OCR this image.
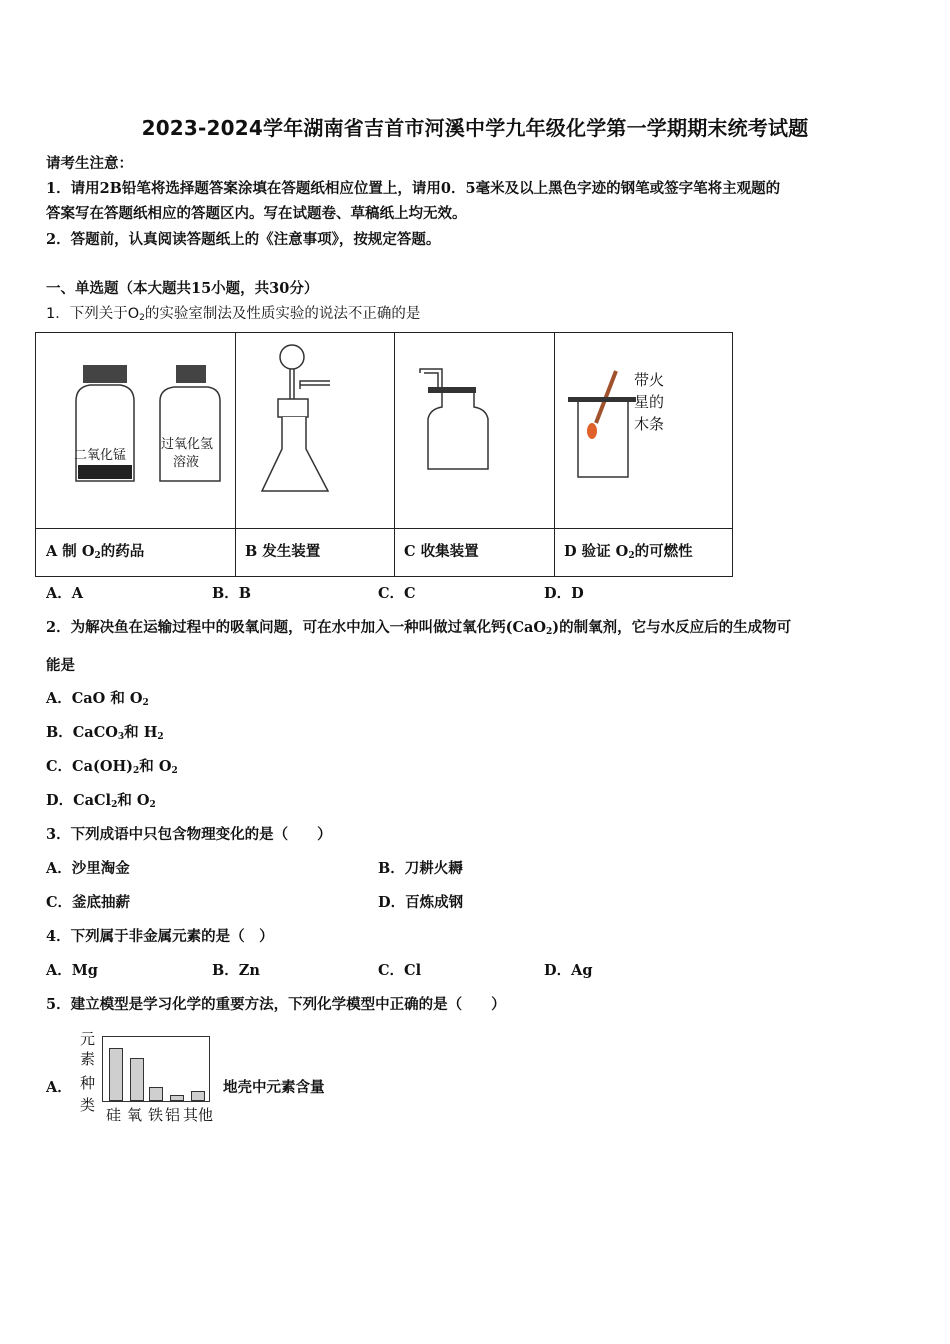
2023-2024学年湖南省吉首市河溪中学九年级化学第一学期期末统考试题
请考生注意：
1．请用2B铅笔将选择题答案涂填在答题纸相应位置上，请用0．5毫米及以上黑色字迹的钢笔或签字笔将主观题的
答案写在答题纸相应的答题区内。写在试题卷、草稿纸上均无效。
2．答题前，认真阅读答题纸上的《注意事项》，按规定答题。
一、单选题（本大题共15小题，共30分）
1．下列关于$O_2$的实验室制法及性质实验的说法不正确的是
二氧化锰
过氧化氢
溶液
带火
星的
木条
A 制 $O_2$的药品	B 发生装置	C 收集装置	D 验证 $O_2$的可燃性
A．A	B．B	C．C	D．D
2．为解决鱼在运输过程中的吸氧问题，可在水中加入一种叫做过氧化钙(CaO$_2$)的制氧剂，它与水反应后的生成物可
能是
A．CaO 和 $O_2$
B．CaCO$_3$和 $H_2$
C．$Ca(OH)_2$和 $O_2$
D．CaCl$_2$和 $O_2$
3．下列成语中只包含物理变化的是（　　）
A．沙里淘金	B．刀耕火耨
C．釜底抽薪	D．百炼成钢
4．下列属于非金属元素的是（　）
A．Mg	B．Zn	C．Cl	D．Ag
5．建立模型是学习化学的重要方法，下列化学模型中正确的是（　　）
A．
元
素
种
类
硅 氧 铁 铝 其他
地壳中元素含量
